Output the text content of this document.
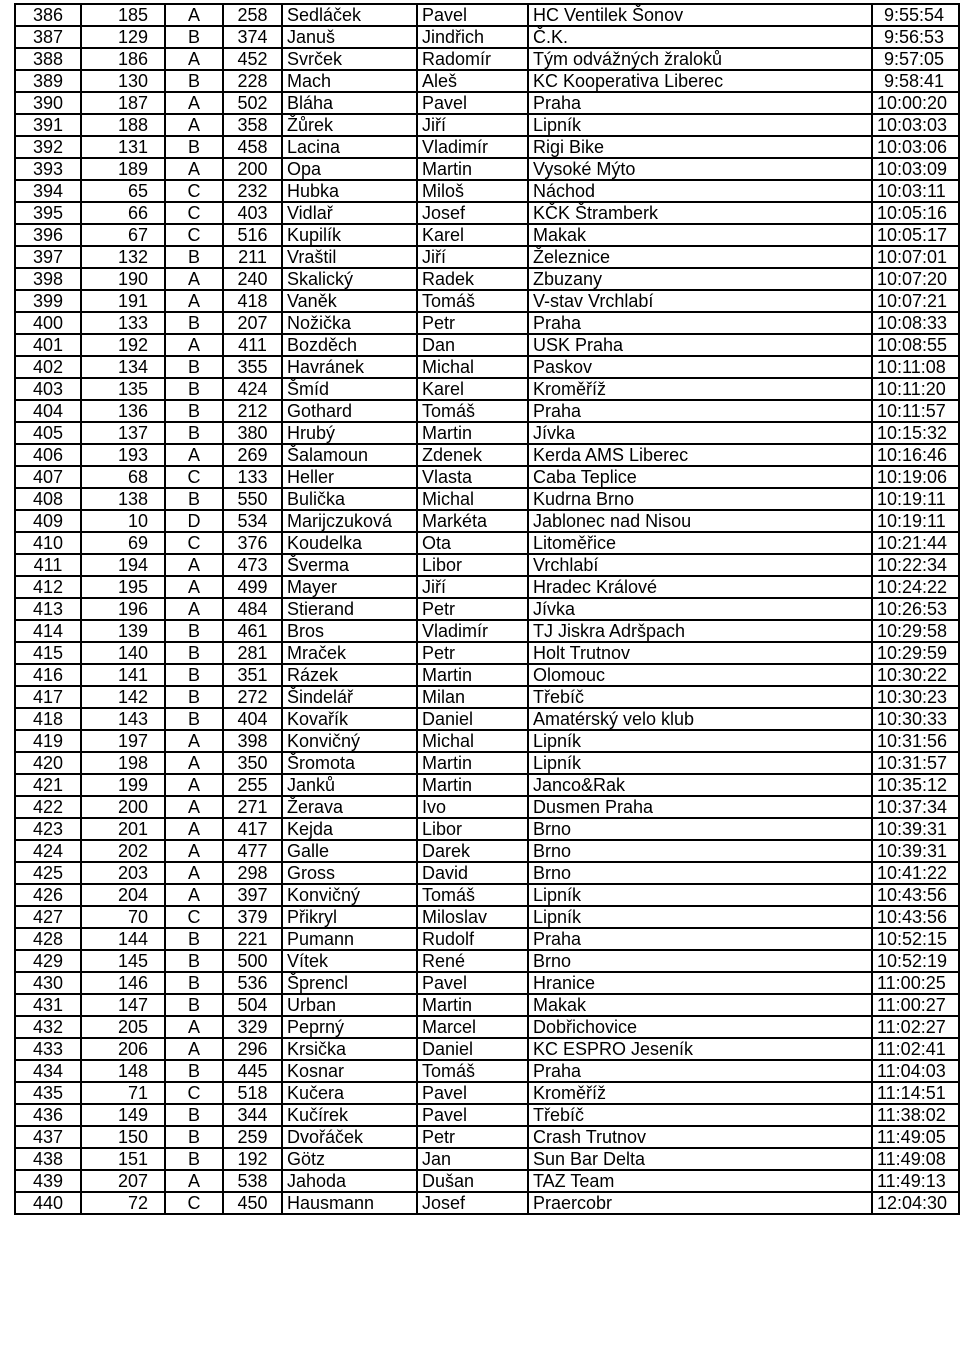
386	185	A	258	Sedláček	Pavel	HC Ventilek Šonov	9:55:54
387	129	B	374	Januš	Jindřich	Č.K.	9:56:53
388	186	A	452	Svrček	Radomír	Tým odvážných žraloků	9:57:05
389	130	B	228	Mach	Aleš	KC Kooperativa Liberec	9:58:41
390	187	A	502	Bláha	Pavel	Praha	10:00:20
391	188	A	358	Žůrek	Jiří	Lipník	10:03:03
392	131	B	458	Lacina	Vladimír	Rigi Bike	10:03:06
393	189	A	200	Opa	Martin	Vysoké Mýto	10:03:09
394	65	C	232	Hubka	Miloš	Náchod	10:03:11
395	66	C	403	Vidlař	Josef	KČK Štramberk	10:05:16
396	67	C	516	Kupilík	Karel	Makak	10:05:17
397	132	B	211	Vraštil	Jiří	Železnice	10:07:01
398	190	A	240	Skalický	Radek	Zbuzany	10:07:20
399	191	A	418	Vaněk	Tomáš	V-stav Vrchlabí	10:07:21
400	133	B	207	Nožička	Petr	Praha	10:08:33
401	192	A	411	Bozděch	Dan	USK Praha	10:08:55
402	134	B	355	Havránek	Michal	Paskov	10:11:08
403	135	B	424	Šmíd	Karel	Kroměříž	10:11:20
404	136	B	212	Gothard	Tomáš	Praha	10:11:57
405	137	B	380	Hrubý	Martin	Jívka	10:15:32
406	193	A	269	Šalamoun	Zdenek	Kerda AMS Liberec	10:16:46
407	68	C	133	Heller	Vlasta	Caba Teplice	10:19:06
408	138	B	550	Bulička	Michal	Kudrna Brno	10:19:11
409	10	D	534	Marijczuková	Markéta	Jablonec nad Nisou	10:19:11
410	69	C	376	Koudelka	Ota	Litoměřice	10:21:44
411	194	A	473	Šverma	Libor	Vrchlabí	10:22:34
412	195	A	499	Mayer	Jiří	Hradec Králové	10:24:22
413	196	A	484	Stierand	Petr	Jívka	10:26:53
414	139	B	461	Bros	Vladimír	TJ Jiskra Adršpach	10:29:58
415	140	B	281	Mraček	Petr	Holt Trutnov	10:29:59
416	141	B	351	Rázek	Martin	Olomouc	10:30:22
417	142	B	272	Šindelář	Milan	Třebíč	10:30:23
418	143	B	404	Kovařík	Daniel	Amatérský velo klub	10:30:33
419	197	A	398	Konvičný	Michal	Lipník	10:31:56
420	198	A	350	Šromota	Martin	Lipník	10:31:57
421	199	A	255	Janků	Martin	Janco&Rak	10:35:12
422	200	A	271	Žerava	Ivo	Dusmen Praha	10:37:34
423	201	A	417	Kejda	Libor	Brno	10:39:31
424	202	A	477	Galle	Darek	Brno	10:39:31
425	203	A	298	Gross	David	Brno	10:41:22
426	204	A	397	Konvičný	Tomáš	Lipník	10:43:56
427	70	C	379	Přikryl	Miloslav	Lipník	10:43:56
428	144	B	221	Pumann	Rudolf	Praha	10:52:15
429	145	B	500	Vítek	René	Brno	10:52:19
430	146	B	536	Šprencl	Pavel	Hranice	11:00:25
431	147	B	504	Urban	Martin	Makak	11:00:27
432	205	A	329	Peprný	Marcel	Dobřichovice	11:02:27
433	206	A	296	Krsička	Daniel	KC ESPRO Jeseník	11:02:41
434	148	B	445	Kosnar	Tomáš	Praha	11:04:03
435	71	C	518	Kučera	Pavel	Kroměříž	11:14:51
436	149	B	344	Kučírek	Pavel	Třebíč	11:38:02
437	150	B	259	Dvořáček	Petr	Crash Trutnov	11:49:05
438	151	B	192	Götz	Jan	Sun Bar Delta	11:49:08
439	207	A	538	Jahoda	Dušan	TAZ Team	11:49:13
440	72	C	450	Hausmann	Josef	Praercobr	12:04:30
